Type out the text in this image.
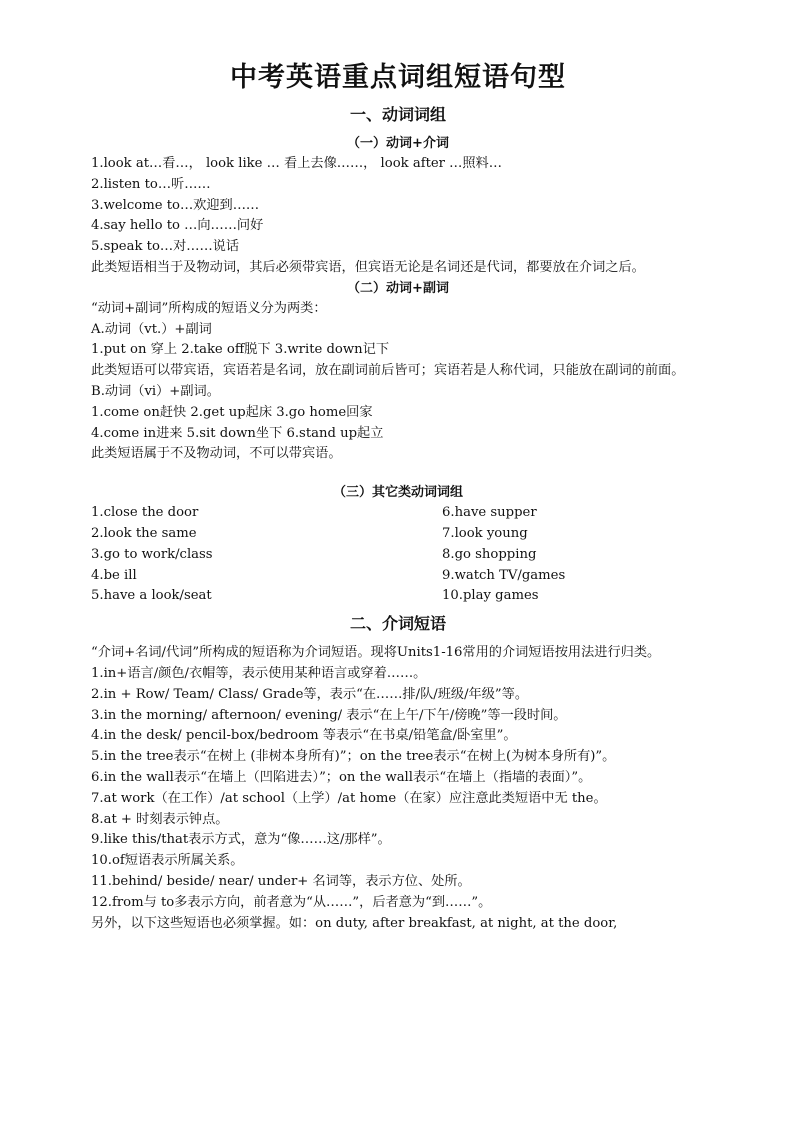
中考英语重点词组短语句型
一、动词词组
（一）动词+介词

1.look at…看…， look like … 看上去像……， look after …照料…

2.listen to…听……

3.welcome to…欢迎到……

4.say hello to …向……问好

5.speak to…对……说话

此类短语相当于及物动词，其后必须带宾语，但宾语无论是名词还是代词，都要放在介词之后。

（二）动词+副词

“动词+副词”所构成的短语义分为两类：

A.动词（vt.）+副词

1.put on 穿上 2.take off脱下 3.write down记下

此类短语可以带宾语，宾语若是名词，放在副词前后皆可；宾语若是人称代词，只能放在副词的前面。

B.动词（vi）+副词。

1.come on赶快 2.get up起床 3.go home回家

4.come in进来 5.sit down坐下 6.stand up起立

此类短语属于不及物动词，不可以带宾语。

（三）其它类动词词组
1.close the door	6.have supper
2.look the same	7.look young
3.go to work/class	8.go shopping
4.be ill	9.watch TV/games
5.have a look/seat	10.play games
二、介词短语

“介词+名词/代词”所构成的短语称为介词短语。现将Units1-16常用的介词短语按用法进行归类。

1.in+语言/颜色/衣帽等，表示使用某种语言或穿着……。

2.in + Row/ Team/ Class/ Grade等，表示“在……排/队/班级/年级”等。

3.in the morning/ afternoon/ evening/ 表示“在上午/下午/傍晚”等一段时间。

4.in the desk/ pencil-box/bedroom 等表示“在书桌/铅笔盒/卧室里”。

5.in the tree表示“在树上 (非树本身所有)”；on the tree表示“在树上(为树本身所有)”。

6.in the wall表示“在墙上（凹陷进去）”；on the wall表示“在墙上（指墙的表面）”。

7.at work（在工作）/at school（上学）/at home（在家）应注意此类短语中无 the。

8.at + 时刻表示钟点。

9.like this/that表示方式，意为“像……这/那样”。

10.of短语表示所属关系。

11.behind/ beside/ near/ under+ 名词等，表示方位、处所。

12.from与 to多表示方向，前者意为“从……”，后者意为“到……”。

另外，以下这些短语也必须掌握。如：on duty, after breakfast, at night, at the door,
